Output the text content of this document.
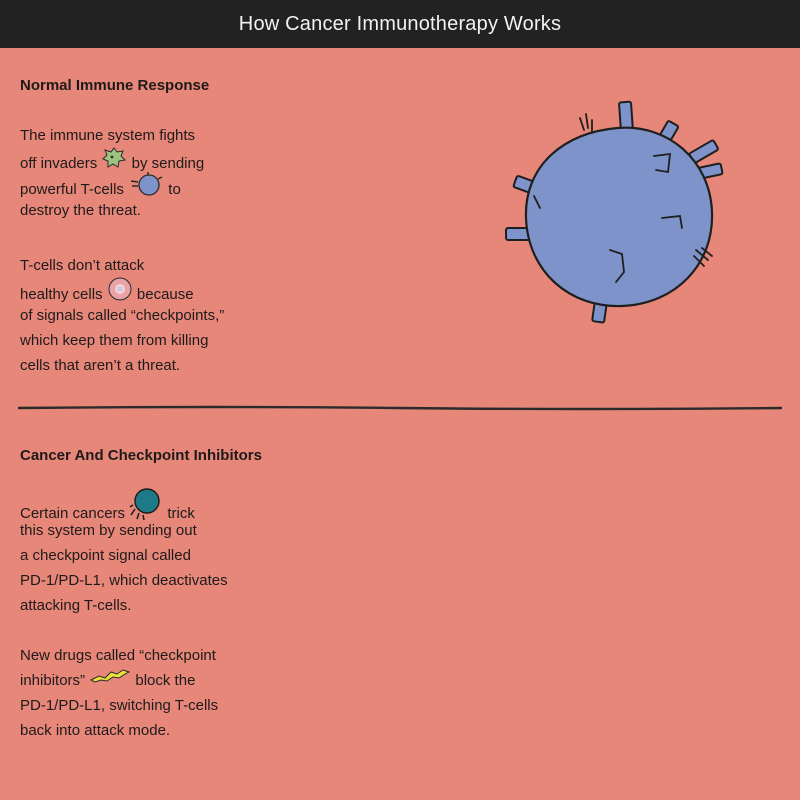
How Cancer Immunotherapy Works
Normal Immune Response
The immune system fights
off invaders by sending
powerful T-cells	to
destroy the threat.
T-cells don’t attack
healthy cells because
of signals called “checkpoints,”
which keep them from killing
cells that aren’t a threat.
Cancer And Checkpoint Inhibitors
Certain cancers	trick
this system by sending out
a checkpoint signal called
PD-1/PD-L1, which deactivates
attacking T-cells.
New drugs called “checkpoint
inhibitors”	block the
PD-1/PD-L1, switching T-cells
back into attack mode.
